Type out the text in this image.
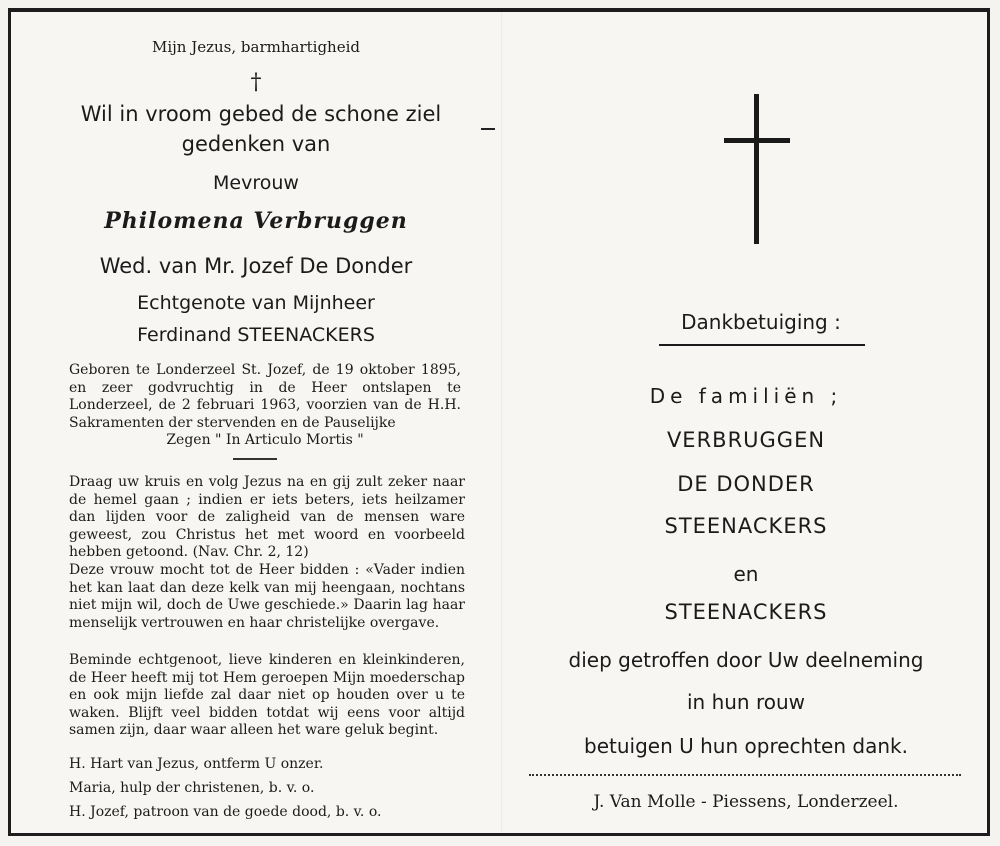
Mijn Jezus, barmhartigheid
†
Wil in vroom gebed de schone ziel
gedenken van
Mevrouw
Philomena Verbruggen
Wed. van Mr. Jozef De Donder
Echtgenote van Mijnheer
Ferdinand STEENACKERS
Geboren te Londerzeel St. Jozef, de 19 oktober 1895, en zeer godvruchtig in de Heer ontslapen te Londerzeel, de 2 februari 1963, voorzien van de H.H. Sakramenten der stervenden en de Pauselijke
Zegen " In Articulo Mortis "
Draag uw kruis en volg Jezus na en gij zult zeker naar de hemel gaan ; indien er iets beters, iets heilzamer dan lijden voor de zaligheid van de mensen ware geweest, zou Christus het met woord en voorbeeld hebben getoond. (Nav. Chr. 2, 12)
Deze vrouw mocht tot de Heer bidden : «Vader indien het kan laat dan deze kelk van mij heengaan, nochtans niet mijn wil, doch de Uwe geschiede.» Daarin lag haar menselijk vertrouwen en haar christelijke overgave.
Beminde echtgenoot, lieve kinderen en kleinkinderen, de Heer heeft mij tot Hem geroepen Mijn moederschap en ook mijn liefde zal daar niet op houden over u te waken. Blijft veel bidden totdat wij eens voor altijd samen zijn, daar waar alleen het ware geluk begint.
H. Hart van Jezus, ontferm U onzer.
Maria, hulp der christenen, b. v. o.
H. Jozef, patroon van de goede dood, b. v. o.
Dankbetuiging :
De familiën ;
VERBRUGGEN
DE DONDER
STEENACKERS
en
STEENACKERS
diep getroffen door Uw deelneming
in hun rouw
betuigen U hun oprechten dank.
J. Van Molle - Piessens, Londerzeel.
